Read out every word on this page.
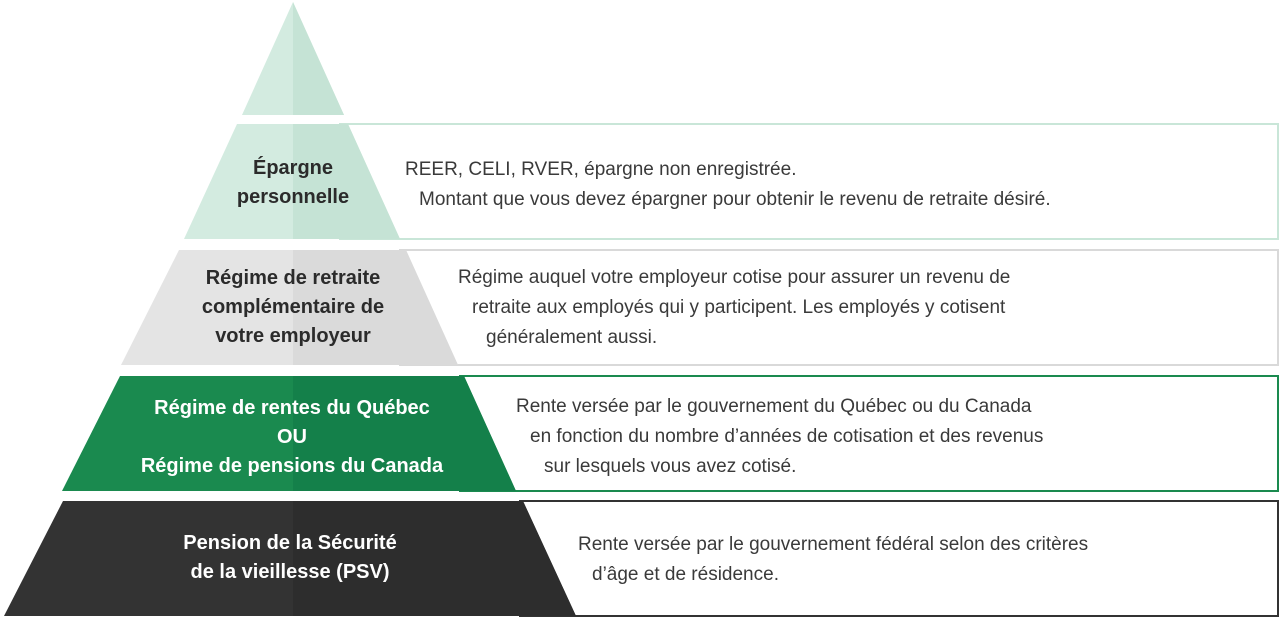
Épargne
personnelle
Régime de retraite
complémentaire de
votre employeur
Régime de rentes du Québec
OU
Régime de pensions du Canada
Pension de la Sécurité
de la vieillesse (PSV)
REER, CELI, RVER, épargne non enregistrée.
Montant que vous devez épargner pour obtenir le revenu de retraite désiré.
Régime auquel votre employeur cotise pour assurer un revenu de
retraite aux employés qui y participent. Les employés y cotisent
généralement aussi.
Rente versée par le gouvernement du Québec ou du Canada
en fonction du nombre d’années de cotisation et des revenus
sur lesquels vous avez cotisé.
Rente versée par le gouvernement fédéral selon des critères
d’âge et de résidence.
